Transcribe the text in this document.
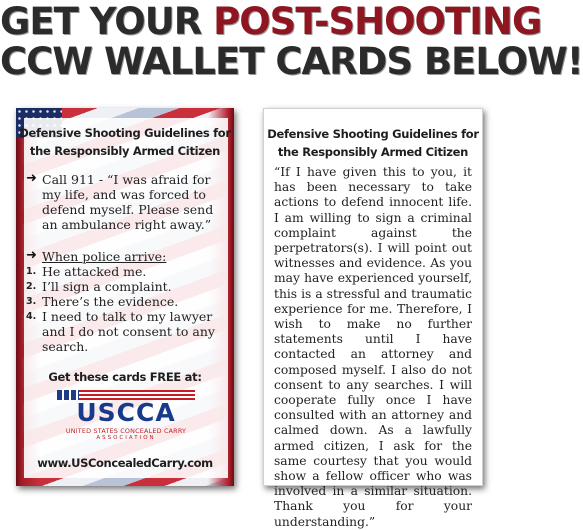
GET YOUR POST-SHOOTING
CCW WALLET CARDS BELOW!
Defensive Shooting Guidelines for
the Responsibly Armed Citizen
➜ Call 911 - “I was afraid for my life, and was forced to defend myself. Please send an ambulance right away.”
➜ When police arrive:
1. He attacked me.
2. I’ll sign a complaint.
3. There’s the evidence.
4. I need to talk to my lawyer and I do not consent to any search.
Get these cards FREE at:
USCCA
UNITED STATES CONCEALED CARRY
ASSOCIATION
www.USConcealedCarry.com
Defensive Shooting Guidelines for
the Responsibly Armed Citizen

“If I have given this to you, it has been necessary to take actions to defend innocent life. I am willing to sign a criminal complaint against the perpetrators(s). I will point out witnesses and evidence. As you may have experienced yourself, this is a stressful and traumatic experience for me. Therefore, I wish to make no further statements until I have contacted an attorney and composed myself. I also do not consent to any searches. I will cooperate fully once I have consulted with an attorney and calmed down. As a lawfully armed citizen, I ask for the same courtesy that you would show a fellow officer who was involved in a similar situation. Thank you for your understanding.”
